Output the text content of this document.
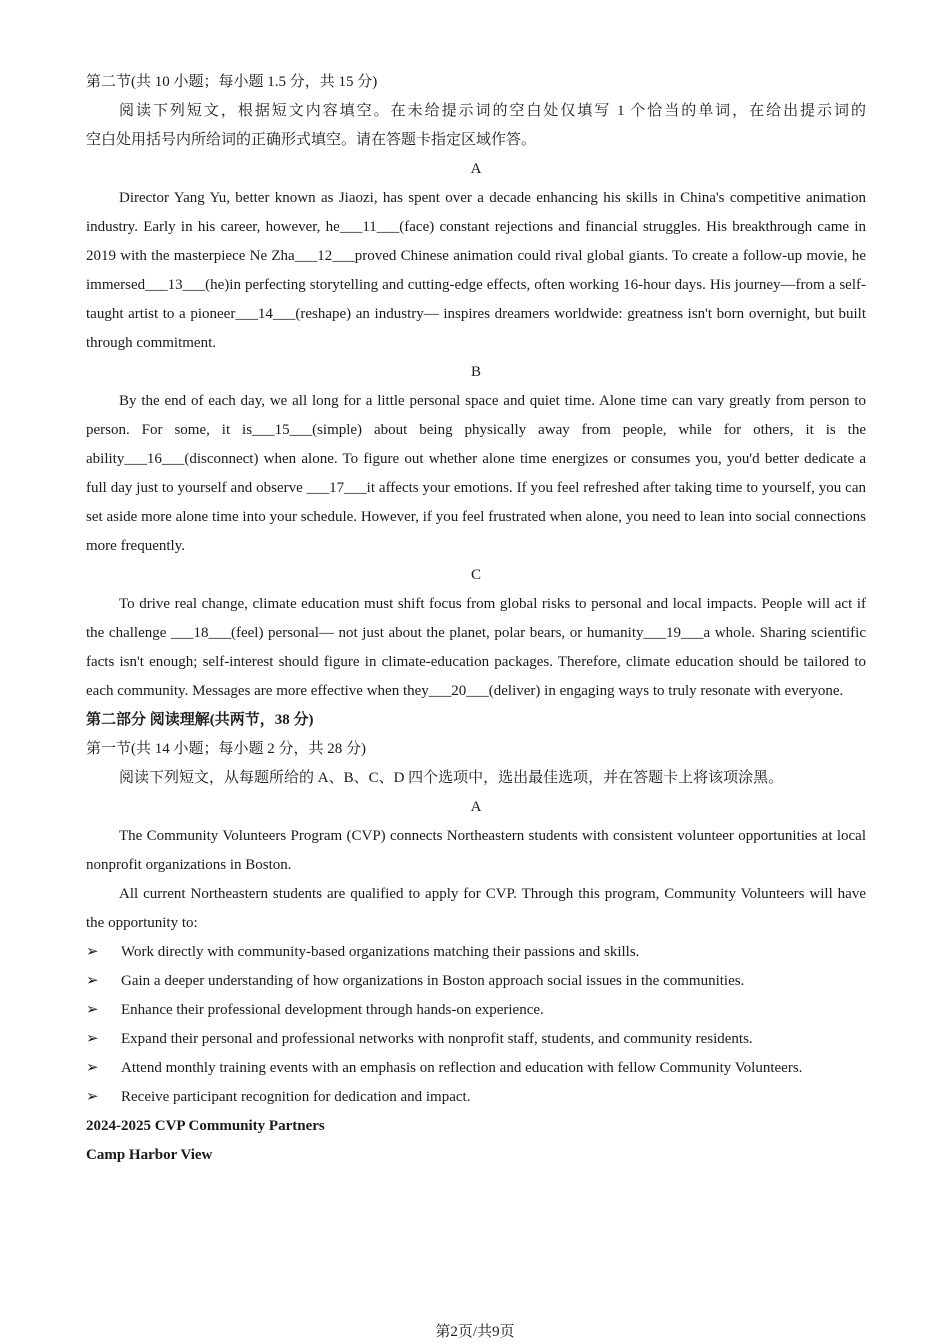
第二节(共 10 小题；每小题 1.5 分，共 15 分)
阅读下列短文，根据短文内容填空。在未给提示词的空白处仅填写 1 个恰当的单词，在给出提示词的
空白处用括号内所给词的正确形式填空。请在答题卡指定区域作答。
A

Director Yang Yu, better known as Jiaozi, has spent over a decade enhancing his skills in China's competitive animation industry. Early in his career, however, he___11___(face) constant rejections and financial struggles. His breakthrough came in 2019 with the masterpiece Ne Zha___12___proved Chinese animation could rival global giants. To create a follow-up movie, he immersed___13___(he)in perfecting storytelling and cutting-edge effects, often working 16-hour days. His journey—from a self-taught artist to a pioneer___14___(reshape) an industry— inspires dreamers worldwide: greatness isn't born overnight, but built through commitment.

B

By the end of each day, we all long for a little personal space and quiet time. Alone time can vary greatly from person to person. For some, it is___15___(simple) about being physically away from people, while for others, it is the ability___16___(disconnect) when alone. To figure out whether alone time energizes or consumes you, you'd better dedicate a full day just to yourself and observe ___17___it affects your emotions. If you feel refreshed after taking time to yourself, you can set aside more alone time into your schedule. However, if you feel frustrated when alone, you need to lean into social connections more frequently.

C

To drive real change, climate education must shift focus from global risks to personal and local impacts. People will act if the challenge ___18___(feel) personal— not just about the planet, polar bears, or humanity___19___a whole. Sharing scientific facts isn't enough; self-interest should figure in climate-education packages. Therefore, climate education should be tailored to each community. Messages are more effective when they___20___(deliver) in engaging ways to truly resonate with everyone.

第二部分 阅读理解(共两节，38 分)
第一节(共 14 小题；每小题 2 分，共 28 分)
阅读下列短文，从每题所给的 A、B、C、D 四个选项中，选出最佳选项，并在答题卡上将该项涂黑。
A

The Community Volunteers Program (CVP) connects Northeastern students with consistent volunteer opportunities at local nonprofit organizations in Boston.

All current Northeastern students are qualified to apply for CVP. Through this program, Community Volunteers will have the opportunity to:

➢ Work directly with community-based organizations matching their passions and skills.
➢ Gain a deeper understanding of how organizations in Boston approach social issues in the communities.
➢ Enhance their professional development through hands-on experience.
➢ Expand their personal and professional networks with nonprofit staff, students, and community residents.
➢ Attend monthly training events with an emphasis on reflection and education with fellow Community Volunteers.
➢ Receive participant recognition for dedication and impact.
2024-2025 CVP Community Partners
Camp Harbor View
第2页/共9页
